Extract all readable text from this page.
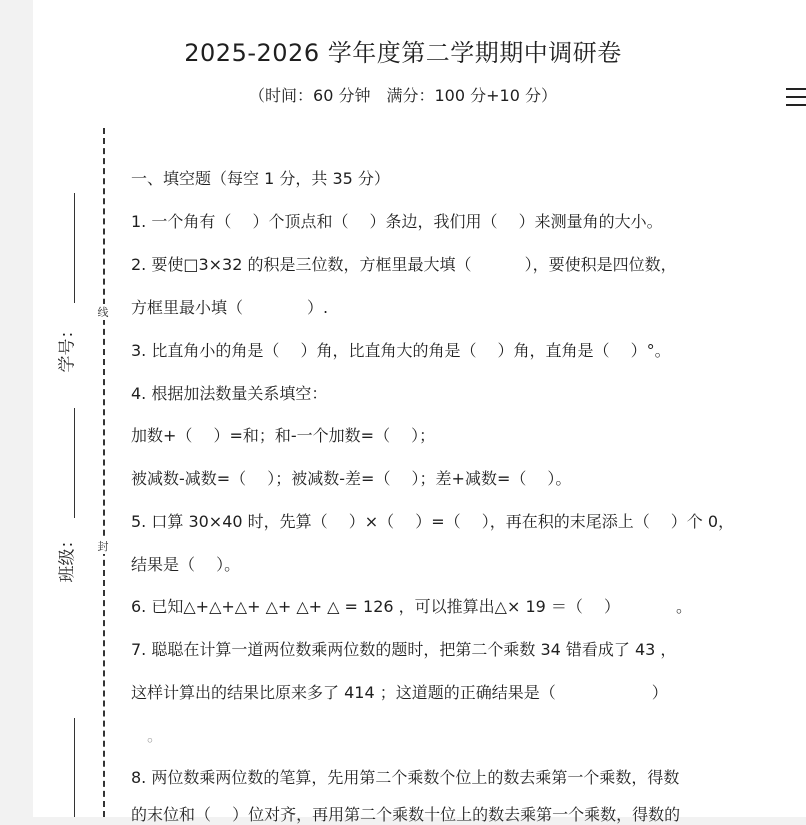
2025-2026 学年度第二学期期中调研卷
（时间：60 分钟　满分：100 分+10 分）
线
封
学号：
班级：
一、填空题（每空 1 分，共 35 分）
1. 一个角有（　 ）个顶点和（　 ）条边，我们用（　 ）来测量角的大小。
2. 要使□3×32 的积是三位数，方框里最大填（　　　 ），要使积是四位数，
方框里最小填（　　　　）.
3. 比直角小的角是（　 ）角，比直角大的角是（　 ）角，直角是（　 ）°。
4. 根据加法数量关系填空：
加数+（　 ）=和；和-一个加数=（　 ）；
被减数-减数=（　 ）；被减数-差=（　 ）；差+减数=（　 ）。
5. 口算 30×40 时，先算（　 ）×（　 ）=（　 ），再在积的末尾添上（　 ）个 0，
结果是（　 ）。
6. 已知△+△+△+ △+ △+ △ = 126 ，可以推算出△× 19 ＝（　 ）　　　　。
7. 聪聪在计算一道两位数乘两位数的题时，把第二个乘数 34 错看成了 43 ，
这样计算出的结果比原来多了 414 ；这道题的正确结果是（　　　　　　）
　。
8. 两位数乘两位数的笔算，先用第二个乘数个位上的数去乘第一个乘数，得数
的末位和（　 ）位对齐，再用第二个乘数十位上的数去乘第一个乘数，得数的
